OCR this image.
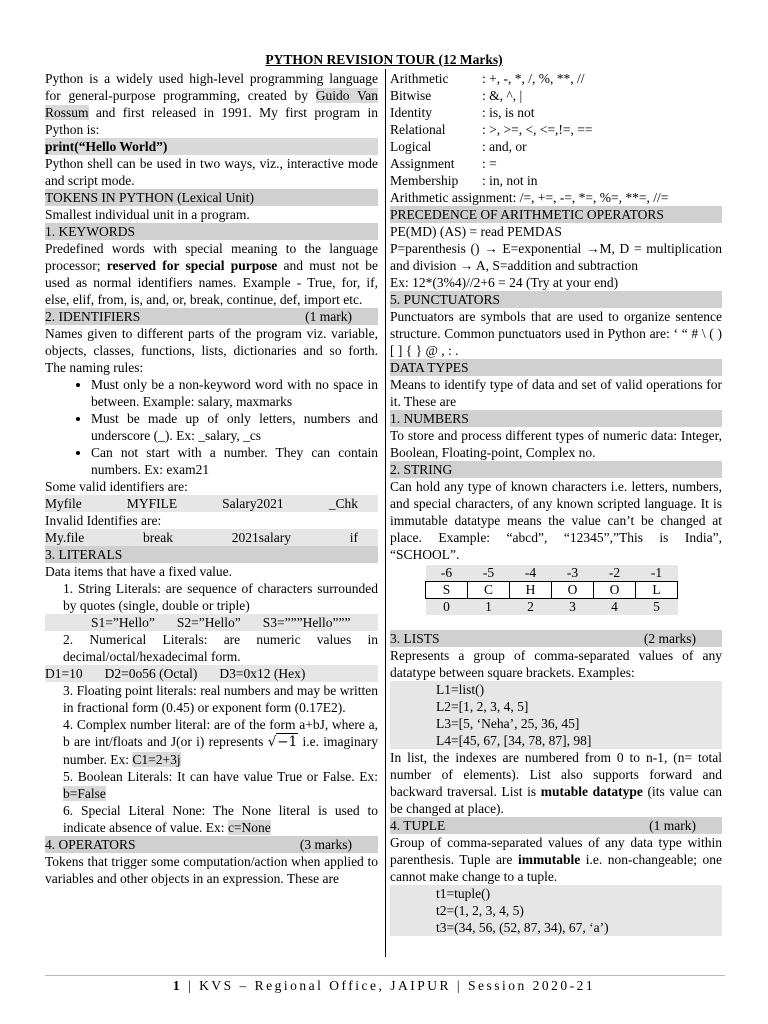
PYTHON REVISION TOUR (12 Marks)

Python is a widely used high-level programming language for general-purpose programming, created by Guido Van Rossum and first released in 1991. My first program in Python is:

print(“Hello World”)

Python shell can be used in two ways, viz., interactive mode and script mode.

TOKENS IN PYTHON (Lexical Unit)

Smallest individual unit in a program.

1. KEYWORDS

Predefined words with special meaning to the language processor; reserved for special purpose and must not be used as normal identifiers names. Example - True, for, if, else, elif, from, is, and, or, break, continue, def, import etc.

2. IDENTIFIERS	(1 mark)

Names given to different parts of the program viz. variable, objects, classes, functions, lists, dictionaries and so forth. The naming rules:

• Must only be a non-keyword word with no space in between. Example: salary, maxmarks
• Must be made up of only letters, numbers and underscore (_). Ex: _salary, _cs
• Can not start with a number. They can contain numbers. Ex: exam21

Some valid identifiers are:

Myfile	MYFILE	Salary2021	_Chk

Invalid Identifies are:

My.file	break	2021salary	if

3. LITERALS

Data items that have a fixed value.

1. String Literals: are sequence of characters surrounded by quotes (single, double or triple)

S1=”Hello” S2=”Hello” S3=”””Hello”””

2. Numerical Literals: are numeric values in decimal/octal/hexadecimal form.

D1=10 D2=0o56 (Octal) D3=0x12 (Hex)

3. Floating point literals: real numbers and may be written in fractional form (0.45) or exponent form (0.17E2).

4. Complex number literal: are of the form a+bJ, where a, b are int/floats and J(or i) represents √−1 i.e. imaginary number. Ex: C1=2+3j

5. Boolean Literals: It can have value True or False. Ex: b=False

6. Special Literal None: The None literal is used to indicate absence of value. Ex: c=None

4. OPERATORS	(3 marks)

Tokens that trigger some computation/action when applied to variables and other objects in an expression. These are

Arithmetic	: +, -, *, /, %, **, //
Bitwise	: &, ^, |
Identity	: is, is not
Relational	: >, >=, <, <=,!=, ==
Logical	: and, or
Assignment	: =
Membership	: in, not in

Arithmetic assignment: /=, +=, -=, *=, %=, **=, //=

PRECEDENCE OF ARITHMETIC OPERATORS

PE(MD) (AS) = read PEMDAS

P=parenthesis () → E=exponential →M, D = multiplication and division → A, S=addition and subtraction

Ex: 12*(3%4)//2+6 = 24 (Try at your end)

5. PUNCTUATORS

Punctuators are symbols that are used to organize sentence structure. Common punctuators used in Python are: ‘ “ # \ ( ) [ ] { } @ , : .

DATA TYPES

Means to identify type of data and set of valid operations for it. These are

1. NUMBERS

To store and process different types of numeric data: Integer, Boolean, Floating-point, Complex no.

2. STRING

Can hold any type of known characters i.e. letters, numbers, and special characters, of any known scripted language. It is immutable datatype means the value can’t be changed at place. Example: “abcd”, “12345”,”This is India”, “SCHOOL”.

-6	-5	-4	-3	-2	-1
S	C	H	O	O	L
0	1	2	3	4	5

3. LISTS	(2 marks)

Represents a group of comma-separated values of any datatype between square brackets. Examples:

L1=list()
L2=[1, 2, 3, 4, 5]
L3=[5, ‘Neha’, 25, 36, 45]
L4=[45, 67, [34, 78, 87], 98]

In list, the indexes are numbered from 0 to n-1, (n= total number of elements). List also supports forward and backward traversal. List is mutable datatype (its value can be changed at place).

4. TUPLE	(1 mark)

Group of comma-separated values of any data type within parenthesis. Tuple are immutable i.e. non-changeable; one cannot make change to a tuple.

t1=tuple()
t2=(1, 2, 3, 4, 5)
t3=(34, 56, (52, 87, 34), 67, ‘a’)
1 | KVS – Regional Office, JAIPUR | Session 2020-21
